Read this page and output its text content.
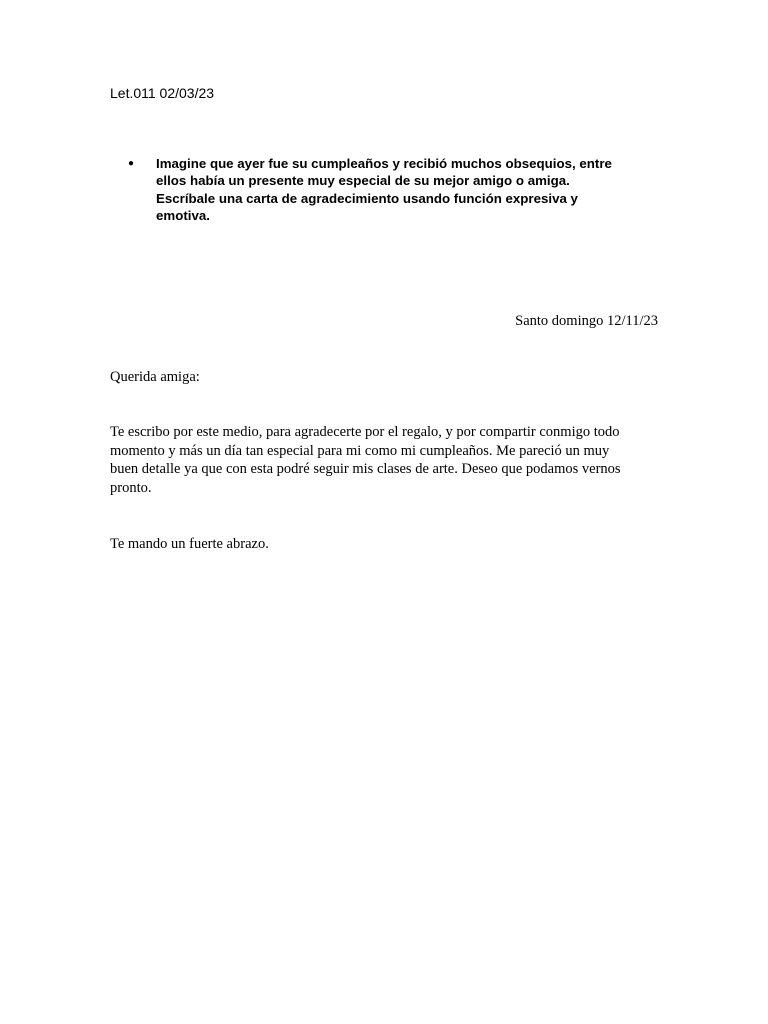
Let.011 02/03/23
●	Imagine que ayer fue su cumpleaños y recibió muchos obsequios, entre
ellos había un presente muy especial de su mejor amigo o amiga.
Escríbale una carta de agradecimiento usando función expresiva y
emotiva.
Santo domingo 12/11/23
Querida amiga:
Te escribo por este medio, para agradecerte por el regalo, y por compartir conmigo todo
momento y más un día tan especial para mi como mi cumpleaños. Me pareció un muy
buen detalle ya que con esta podré seguir mis clases de arte. Deseo que podamos vernos
pronto.
Te mando un fuerte abrazo.
